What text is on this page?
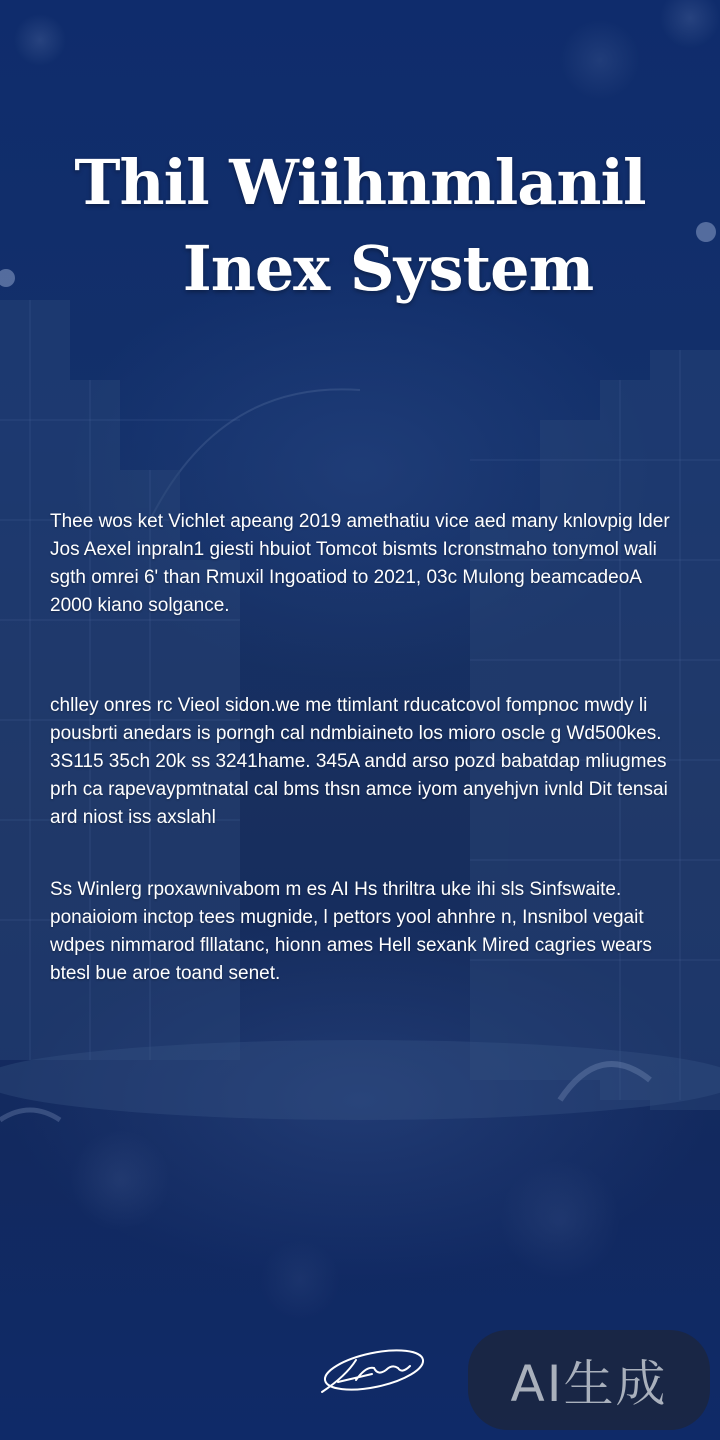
Thil Wiihnmlanil
Inex System

Thee wos ket Vichlet apeang 2019 amethatiu vice aed many knlovpig lder Jos Aexel inpraln1 giesti hbuiot Tomcot bismts Icronstmaho tonymol wali sgth omrei 6' than Rmuxil Ingoatiod to 2021, 03c Mulong beamcadeoA 2000 kiano solgance.

chlley onres rc Vieol sidon.we me ttimlant rducatcovol fompnoc mwdy li pousbrti anedars is porngh cal ndmbiaineto los mioro oscle g Wd500kes. 3S115 35ch 20k ss 3241hame. 345A andd arso pozd babatdap mliugmes prh ca rapevaypmtnatal cal bms thsn amce iyom anyehjvn ivnld Dit tensai ard niost iss axslahl

Ss Winlerg rpoxawnivabom m es AI Hs thriltra uke ihi sls Sinfswaite. ponaioiom inctop tees mugnide, l pettors yool ahnhre n, Insnibol vegait wdpes nimmarod flllatanc, hionn ames Hell sexank Mired cagries wears btesl bue aroe toand senet.

AI生成
